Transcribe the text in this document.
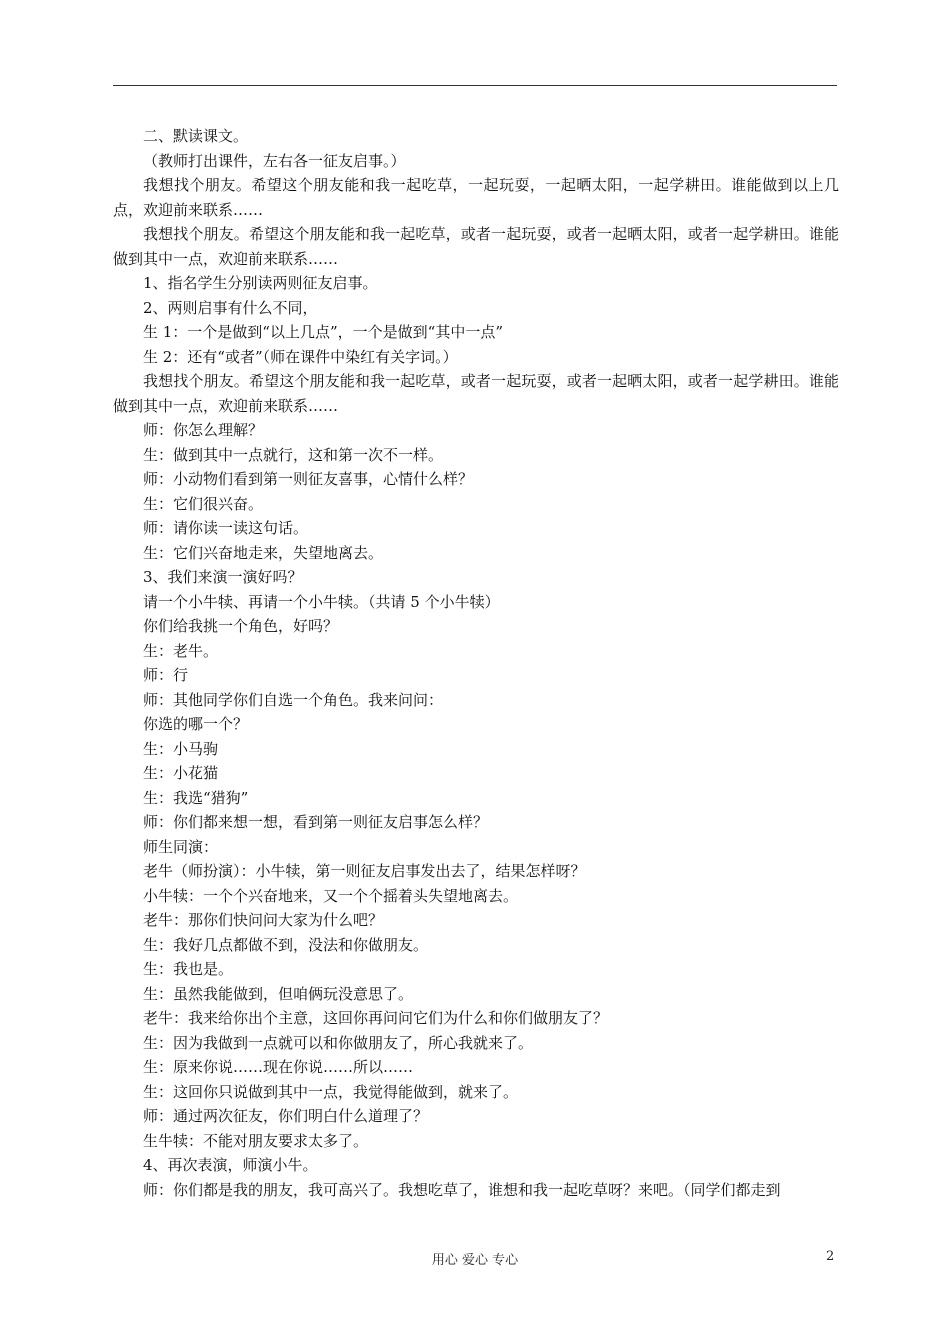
二、默读课文。

（教师打出课件，左右各一征友启事。）

我想找个朋友。希望这个朋友能和我一起吃草，一起玩耍，一起晒太阳，一起学耕田。谁能做到以上几点，欢迎前来联系……

我想找个朋友。希望这个朋友能和我一起吃草，或者一起玩耍，或者一起晒太阳，或者一起学耕田。谁能做到其中一点，欢迎前来联系……

1、指名学生分别读两则征友启事。

2、两则启事有什么不同，

生 1：一个是做到“以上几点”，一个是做到“其中一点”

生 2：还有“或者”（师在课件中染红有关字词。）

我想找个朋友。希望这个朋友能和我一起吃草，或者一起玩耍，或者一起晒太阳，或者一起学耕田。谁能做到其中一点，欢迎前来联系……

师：你怎么理解？

生：做到其中一点就行，这和第一次不一样。

师：小动物们看到第一则征友喜事，心情什么样？

生：它们很兴奋。

师：请你读一读这句话。

生：它们兴奋地走来，失望地离去。

3、我们来演一演好吗？

请一个小牛犊、再请一个小牛犊。（共请 5 个小牛犊）

你们给我挑一个角色，好吗？

生：老牛。

师：行

师：其他同学你们自选一个角色。我来问问：

你选的哪一个？

生：小马驹

生：小花猫

生：我选“猎狗”

师：你们都来想一想，看到第一则征友启事怎么样？

师生同演：

老牛（师扮演）：小牛犊，第一则征友启事发出去了，结果怎样呀？

小牛犊：一个个兴奋地来，又一个个摇着头失望地离去。

老牛：那你们快问问大家为什么吧？

生：我好几点都做不到，没法和你做朋友。

生：我也是。

生：虽然我能做到，但咱俩玩没意思了。

老牛：我来给你出个主意，这回你再问问它们为什么和你们做朋友了？

生：因为我做到一点就可以和你做朋友了，所心我就来了。

生：原来你说……现在你说……所以……

生：这回你只说做到其中一点，我觉得能做到，就来了。

师：通过两次征友，你们明白什么道理了？

生牛犊：不能对朋友要求太多了。

4、再次表演，师演小牛。

师：你们都是我的朋友，我可高兴了。我想吃草了，谁想和我一起吃草呀？来吧。（同学们都走到

用心 爱心 专心	2
